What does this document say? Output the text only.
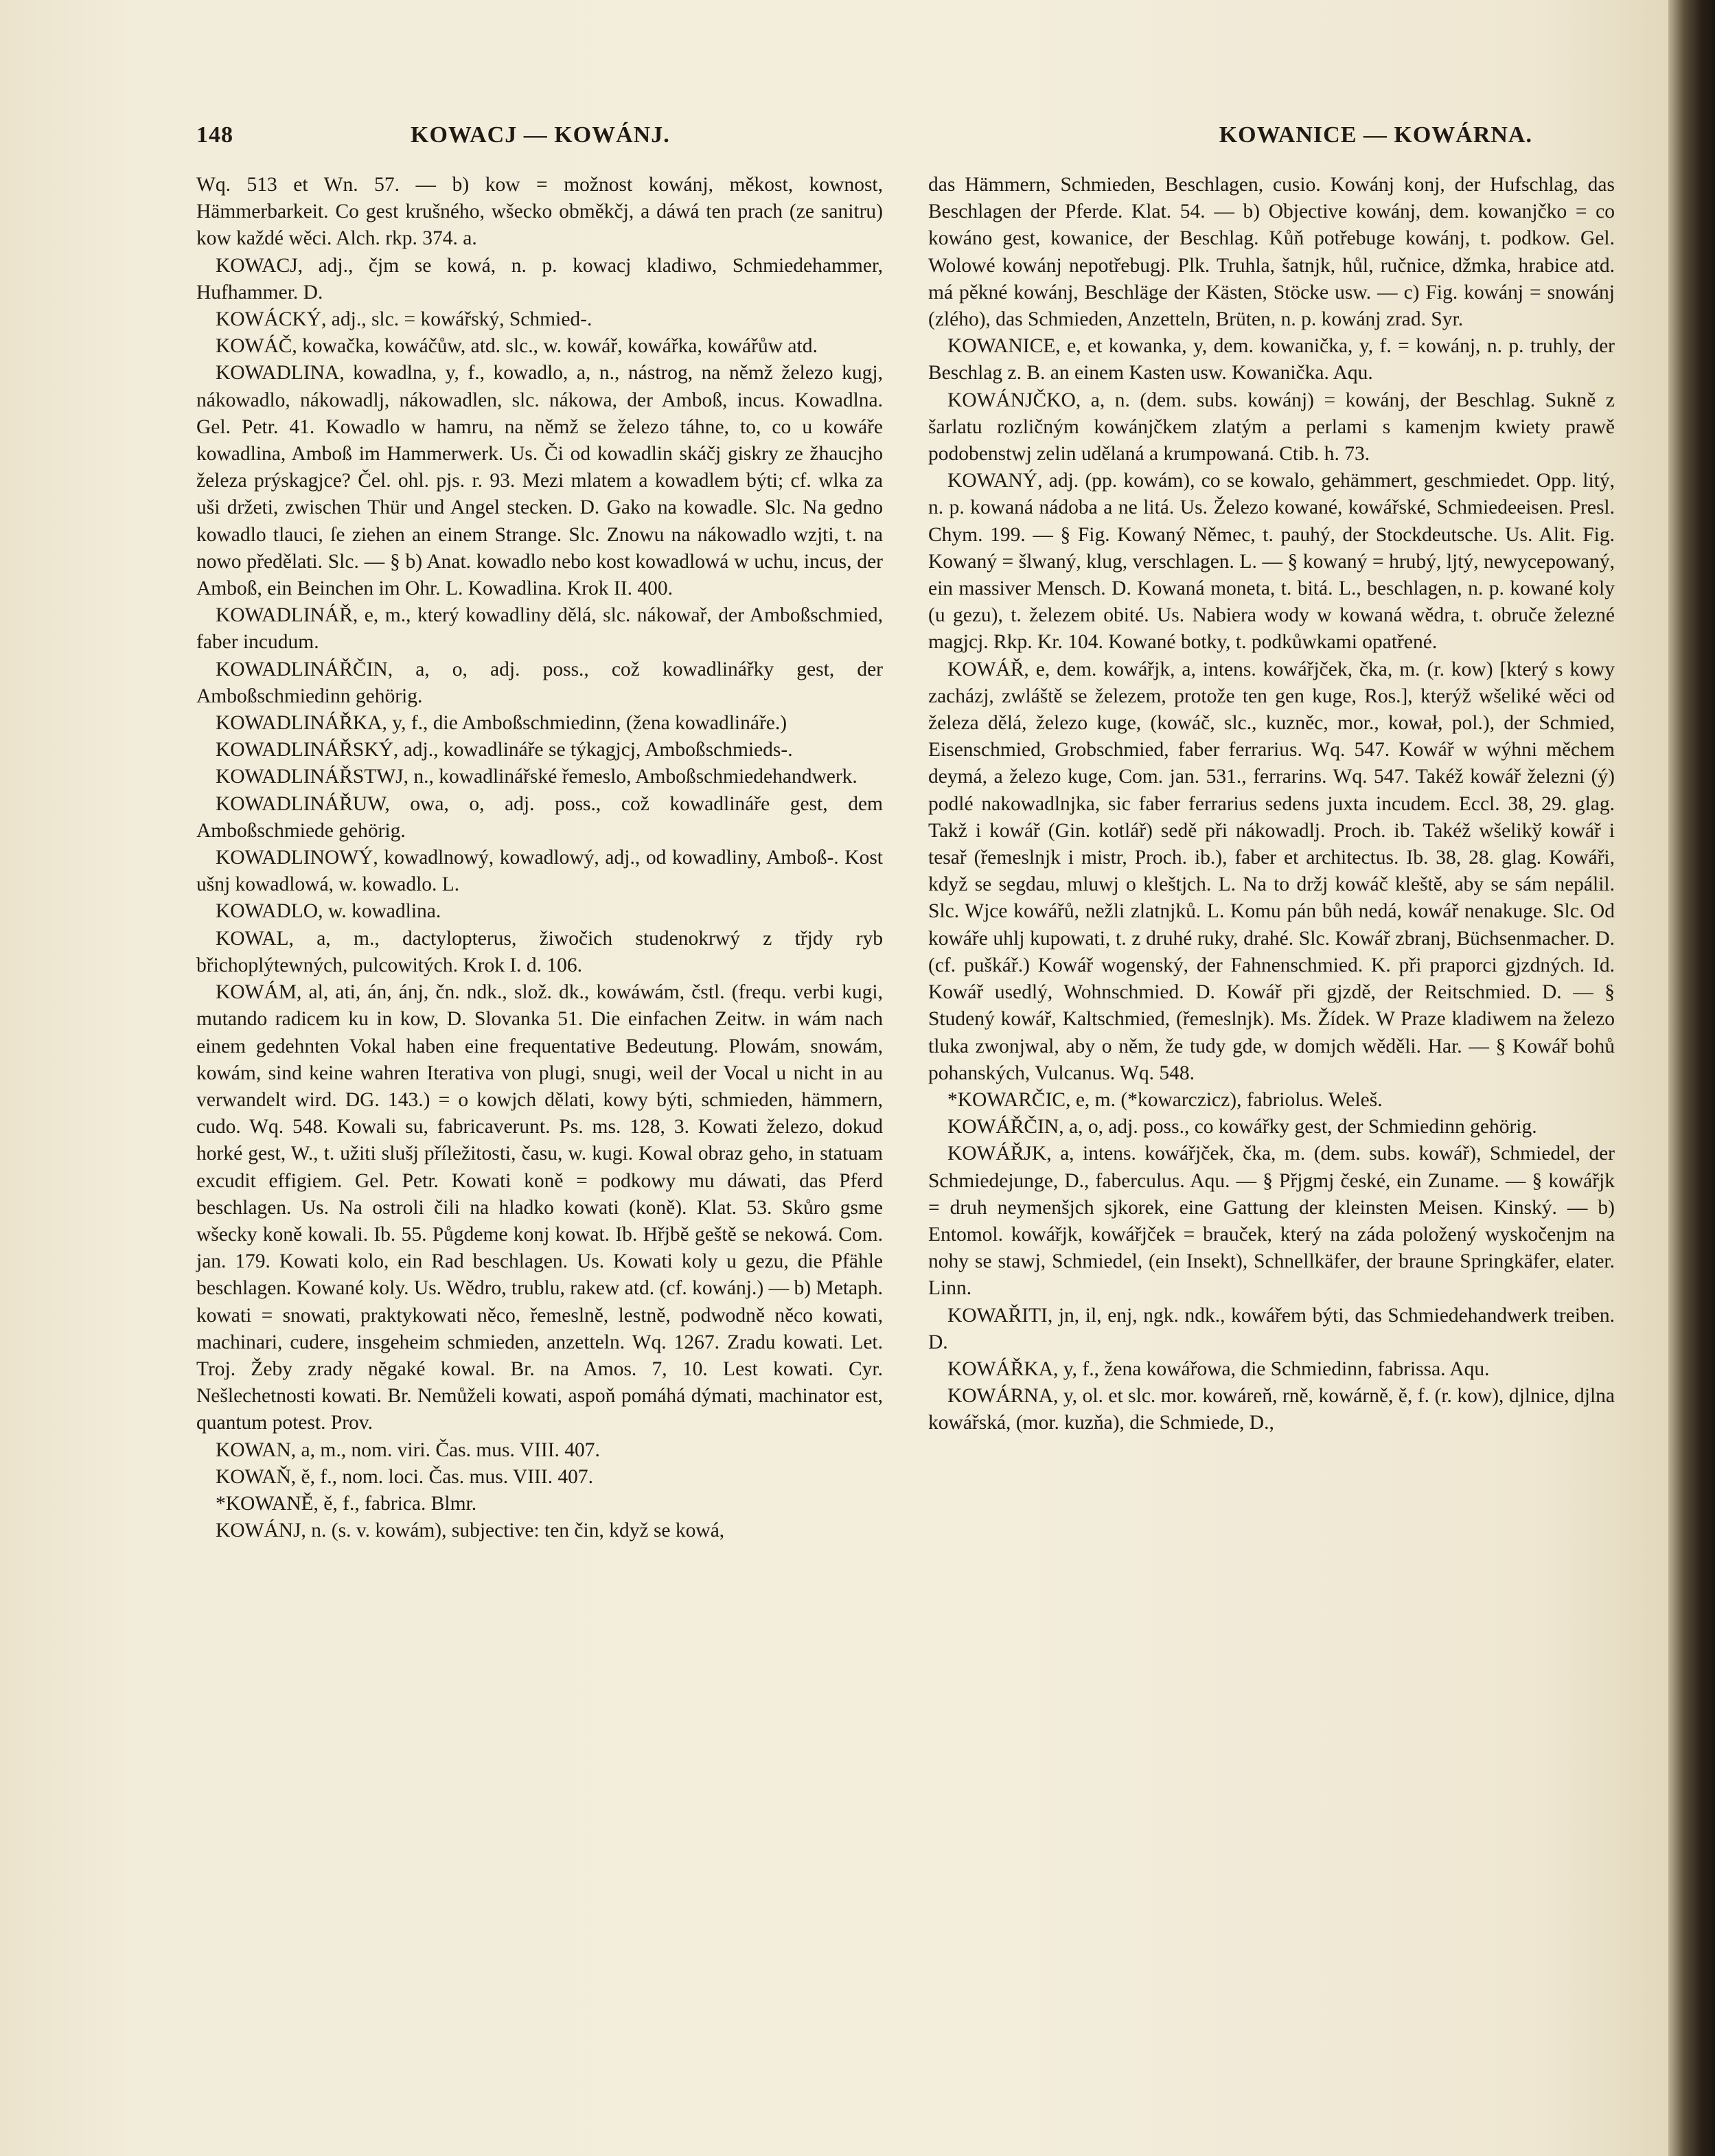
148	KOWACJ — KOWÁNJ.	KOWANICE — KOWÁRNA.

Wq. 513 et Wn. 57. — b) kow = možnost kowánj, měkost, kownost, Hämmerbarkeit. Co gest krušného, wšecko obměkčj, a dáwá ten prach (ze sanitru) kow každé wěci. Alch. rkp. 374. a.

KOWACJ, adj., čjm se kowá, n. p. kowacj kladiwo, Schmiedehammer, Hufhammer. D.

KOWÁCKÝ, adj., slc. = kowářský, Schmied-.

KOWÁČ, kowačka, kowáčůw, atd. slc., w. kowář, kowářka, kowářůw atd.

KOWADLINA, kowadlna, y, f., kowadlo, a, n., nástrog, na němž železo kugj, nákowadlo, nákowadlj, nákowadlen, slc. nákowa, der Amboß, incus. Kowadlna. Gel. Petr. 41. Kowadlo w hamru, na němž se železo táhne, to, co u kowáře kowadlina, Amboß im Hammerwerk. Us. Či od kowadlin skáčj giskry ze žhaucjho železa prýskagjce? Čel. ohl. pjs. r. 93. Mezi mlatem a kowadlem býti; cf. wlka za uši držeti, zwischen Thür und Angel stecken. D. Gako na kowadle. Slc. Na gedno kowadlo tlauci, ſe ziehen an einem Strange. Slc. Znowu na nákowadlo wzjti, t. na nowo předělati. Slc. — § b) Anat. kowadlo nebo kost kowadlowá w uchu, incus, der Amboß, ein Beinchen im Ohr. L. Kowadlina. Krok II. 400.

KOWADLINÁŘ, e, m., který kowadliny dělá, slc. nákowař, der Amboßschmied, faber incudum.

KOWADLINÁŘČIN, a, o, adj. poss., což kowadlinářky gest, der Amboßschmiedinn gehörig.

KOWADLINÁŘKA, y, f., die Amboßschmiedinn, (žena kowadlináře.)

KOWADLINÁŘSKÝ, adj., kowadlináře se týkagjcj, Amboßschmieds-.

KOWADLINÁŘSTWJ, n., kowadlinářské řemeslo, Amboßschmiedehandwerk.

KOWADLINÁŘUW, owa, o, adj. poss., což kowadlináře gest, dem Amboßschmiede gehörig.

KOWADLINOWÝ, kowadlnowý, kowadlowý, adj., od kowadliny, Amboß-. Kost ušnj kowadlowá, w. kowadlo. L.

KOWADLO, w. kowadlina.

KOWAL, a, m., dactylopterus, žiwočich studenokrwý z třjdy ryb břichoplýtewných, pulcowitých. Krok I. d. 106.

KOWÁM, al, ati, án, ánj, čn. ndk., slož. dk., kowáwám, čstl. (frequ. verbi kugi, mutando radicem ku in kow, D. Slovanka 51. Die einfachen Zeitw. in wám nach einem gedehnten Vokal haben eine frequentative Bedeutung. Plowám, snowám, kowám, sind keine wahren Iterativa von plugi, snugi, weil der Vocal u nicht in au verwandelt wird. DG. 143.) = o kowjch dělati, kowy býti, schmieden, hämmern, cudo. Wq. 548. Kowali su, fabricaverunt. Ps. ms. 128, 3. Kowati železo, dokud horké gest, W., t. užiti slušj příležitosti, času, w. kugi. Kowal obraz geho, in statuam excudit effigiem. Gel. Petr. Kowati koně = podkowy mu dáwati, das Pferd beschlagen. Us. Na ostroli čili na hladko kowati (koně). Klat. 53. Skůro gsme wšecky koně kowali. Ib. 55. Půgdeme konj kowat. Ib. Hřjbě geště se nekowá. Com. jan. 179. Kowati kolo, ein Rad beschlagen. Us. Kowati koly u gezu, die Pfähle beschlagen. Kowané koly. Us. Wědro, trublu, rakew atd. (cf. kowánj.) — b) Metaph. kowati = snowati, praktykowati něco, řemeslně, lestně, podwodně něco kowati, machinari, cudere, insgeheim schmieden, anzetteln. Wq. 1267. Zradu kowati. Let. Troj. Žeby zrady nĕgaké kowal. Br. na Amos. 7, 10. Lest kowati. Cyr. Nešlechetnosti kowati. Br. Nemůželi kowati, aspoň pomáhá dýmati, machinator est, quantum potest. Prov.

KOWAN, a, m., nom. viri. Čas. mus. VIII. 407.

KOWAŇ, ě, f., nom. loci. Čas. mus. VIII. 407.

*KOWANĚ, ě, f., fabrica. Blmr.

KOWÁNJ, n. (s. v. kowám), subjective: ten čin, když se kowá,

das Hämmern, Schmieden, Beschlagen, cusio. Kowánj konj, der Hufschlag, das Beschlagen der Pferde. Klat. 54. — b) Objective kowánj, dem. kowanjčko = co kowáno gest, kowanice, der Beschlag. Kůň potřebuge kowánj, t. podkow. Gel. Wolowé kowánj nepotřebugj. Plk. Truhla, šatnjk, hůl, ručnice, džmka, hrabice atd. má pěkné kowánj, Beschläge der Kästen, Stöcke usw. — c) Fig. kowánj = snowánj (zlého), das Schmieden, Anzetteln, Brüten, n. p. kowánj zrad. Syr.

KOWANICE, e, et kowanka, y, dem. kowanička, y, f. = kowánj, n. p. truhly, der Beschlag z. B. an einem Kasten usw. Kowanička. Aqu.

KOWÁNJČKO, a, n. (dem. subs. kowánj) = kowánj, der Beschlag. Sukně z šarlatu rozličným kowánjčkem zlatým a perlami s kamenjm kwiety prawě podobenstwj zelin udělaná a krumpowaná. Ctib. h. 73.

KOWANÝ, adj. (pp. kowám), co se kowalo, gehämmert, geschmiedet. Opp. litý, n. p. kowaná nádoba a ne litá. Us. Železo kowané, kowářské, Schmiedeeisen. Presl. Chym. 199. — § Fig. Kowaný Němec, t. pauhý, der Stockdeutsche. Us. Alit. Fig. Kowaný = šlwaný, klug, verschlagen. L. — § kowaný = hrubý, ljtý, newycepowaný, ein massiver Mensch. D. Kowaná moneta, t. bitá. L., beschlagen, n. p. kowané koly (u gezu), t. železem obité. Us. Nabiera wody w kowaná wědra, t. obruče železné magjcj. Rkp. Kr. 104. Kowané botky, t. podkůwkami opatřené.

KOWÁŘ, e, dem. kowářjk, a, intens. kowářjček, čka, m. (r. kow) [který s kowy zacházj, zwláště se železem, protože ten gen kuge, Ros.], kterýž wšeliké wěci od železa dělá, železo kuge, (kowáč, slc., kuzněc, mor., kował, pol.), der Schmied, Eisenschmied, Grobschmied, faber ferrarius. Wq. 547. Kowář w wýhni měchem deymá, a železo kuge, Com. jan. 531., ferrarins. Wq. 547. Takéž kowář železni (ý) podlé nakowadlnjka, sic faber ferrarius sedens juxta incudem. Eccl. 38, 29. glag. Takž i kowář (Gin. kotlář) sedě při nákowadlj. Proch. ib. Takéž wšelikў kowář i tesař (řemeslnjk i mistr, Proch. ib.), faber et architectus. Ib. 38, 28. glag. Kowáři, když se segdau, mluwj o kleštjch. L. Na to držj kowáč kleště, aby se sám nepálil. Slc. Wjce kowářů, nežli zlatnjků. L. Komu pán bůh nedá, kowář nenakuge. Slc. Od kowáře uhlj kupowati, t. z druhé ruky, drahé. Slc. Kowář zbranj, Büchsenmacher. D. (cf. puškář.) Kowář wogenský, der Fahnenschmied. K. při praporci gjzdných. Id. Kowář usedlý, Wohnschmied. D. Kowář při gjzdě, der Reitschmied. D. — § Studený kowář, Kaltschmied, (řemeslnjk). Ms. Žídek. W Praze kladiwem na železo tluka zwonjwal, aby o něm, že tudy gde, w domjch wěděli. Har. — § Kowář bohů pohanských, Vulcanus. Wq. 548.

*KOWARČIC, e, m. (*kowarczicz), fabriolus. Weleš.

KOWÁŘČIN, a, o, adj. poss., co kowářky gest, der Schmiedinn gehörig.

KOWÁŘJK, a, intens. kowářjček, čka, m. (dem. subs. kowář), Schmiedel, der Schmiedejunge, D., faberculus. Aqu. — § Přjgmj české, ein Zuname. — § kowářjk = druh neymenšjch sjkorek, eine Gattung der kleinsten Meisen. Kinský. — b) Entomol. kowářjk, kowářjček = brauček, který na záda položený wyskočenjm na nohy se stawj, Schmiedel, (ein Insekt), Schnellkäfer, der braune Springkäfer, elater. Linn.

KOWAŘITI, jn, il, enj, ngk. ndk., kowářem býti, das Schmiedehandwerk treiben. D.

KOWÁŘKA, y, f., žena kowářowa, die Schmiedinn, fabrissa. Aqu.

KOWÁRNA, y, ol. et slc. mor. kowáreň, rně, kowárně, ě, f. (r. kow), djlnice, djlna kowářská, (mor. kuzňa), die Schmiede, D.,
